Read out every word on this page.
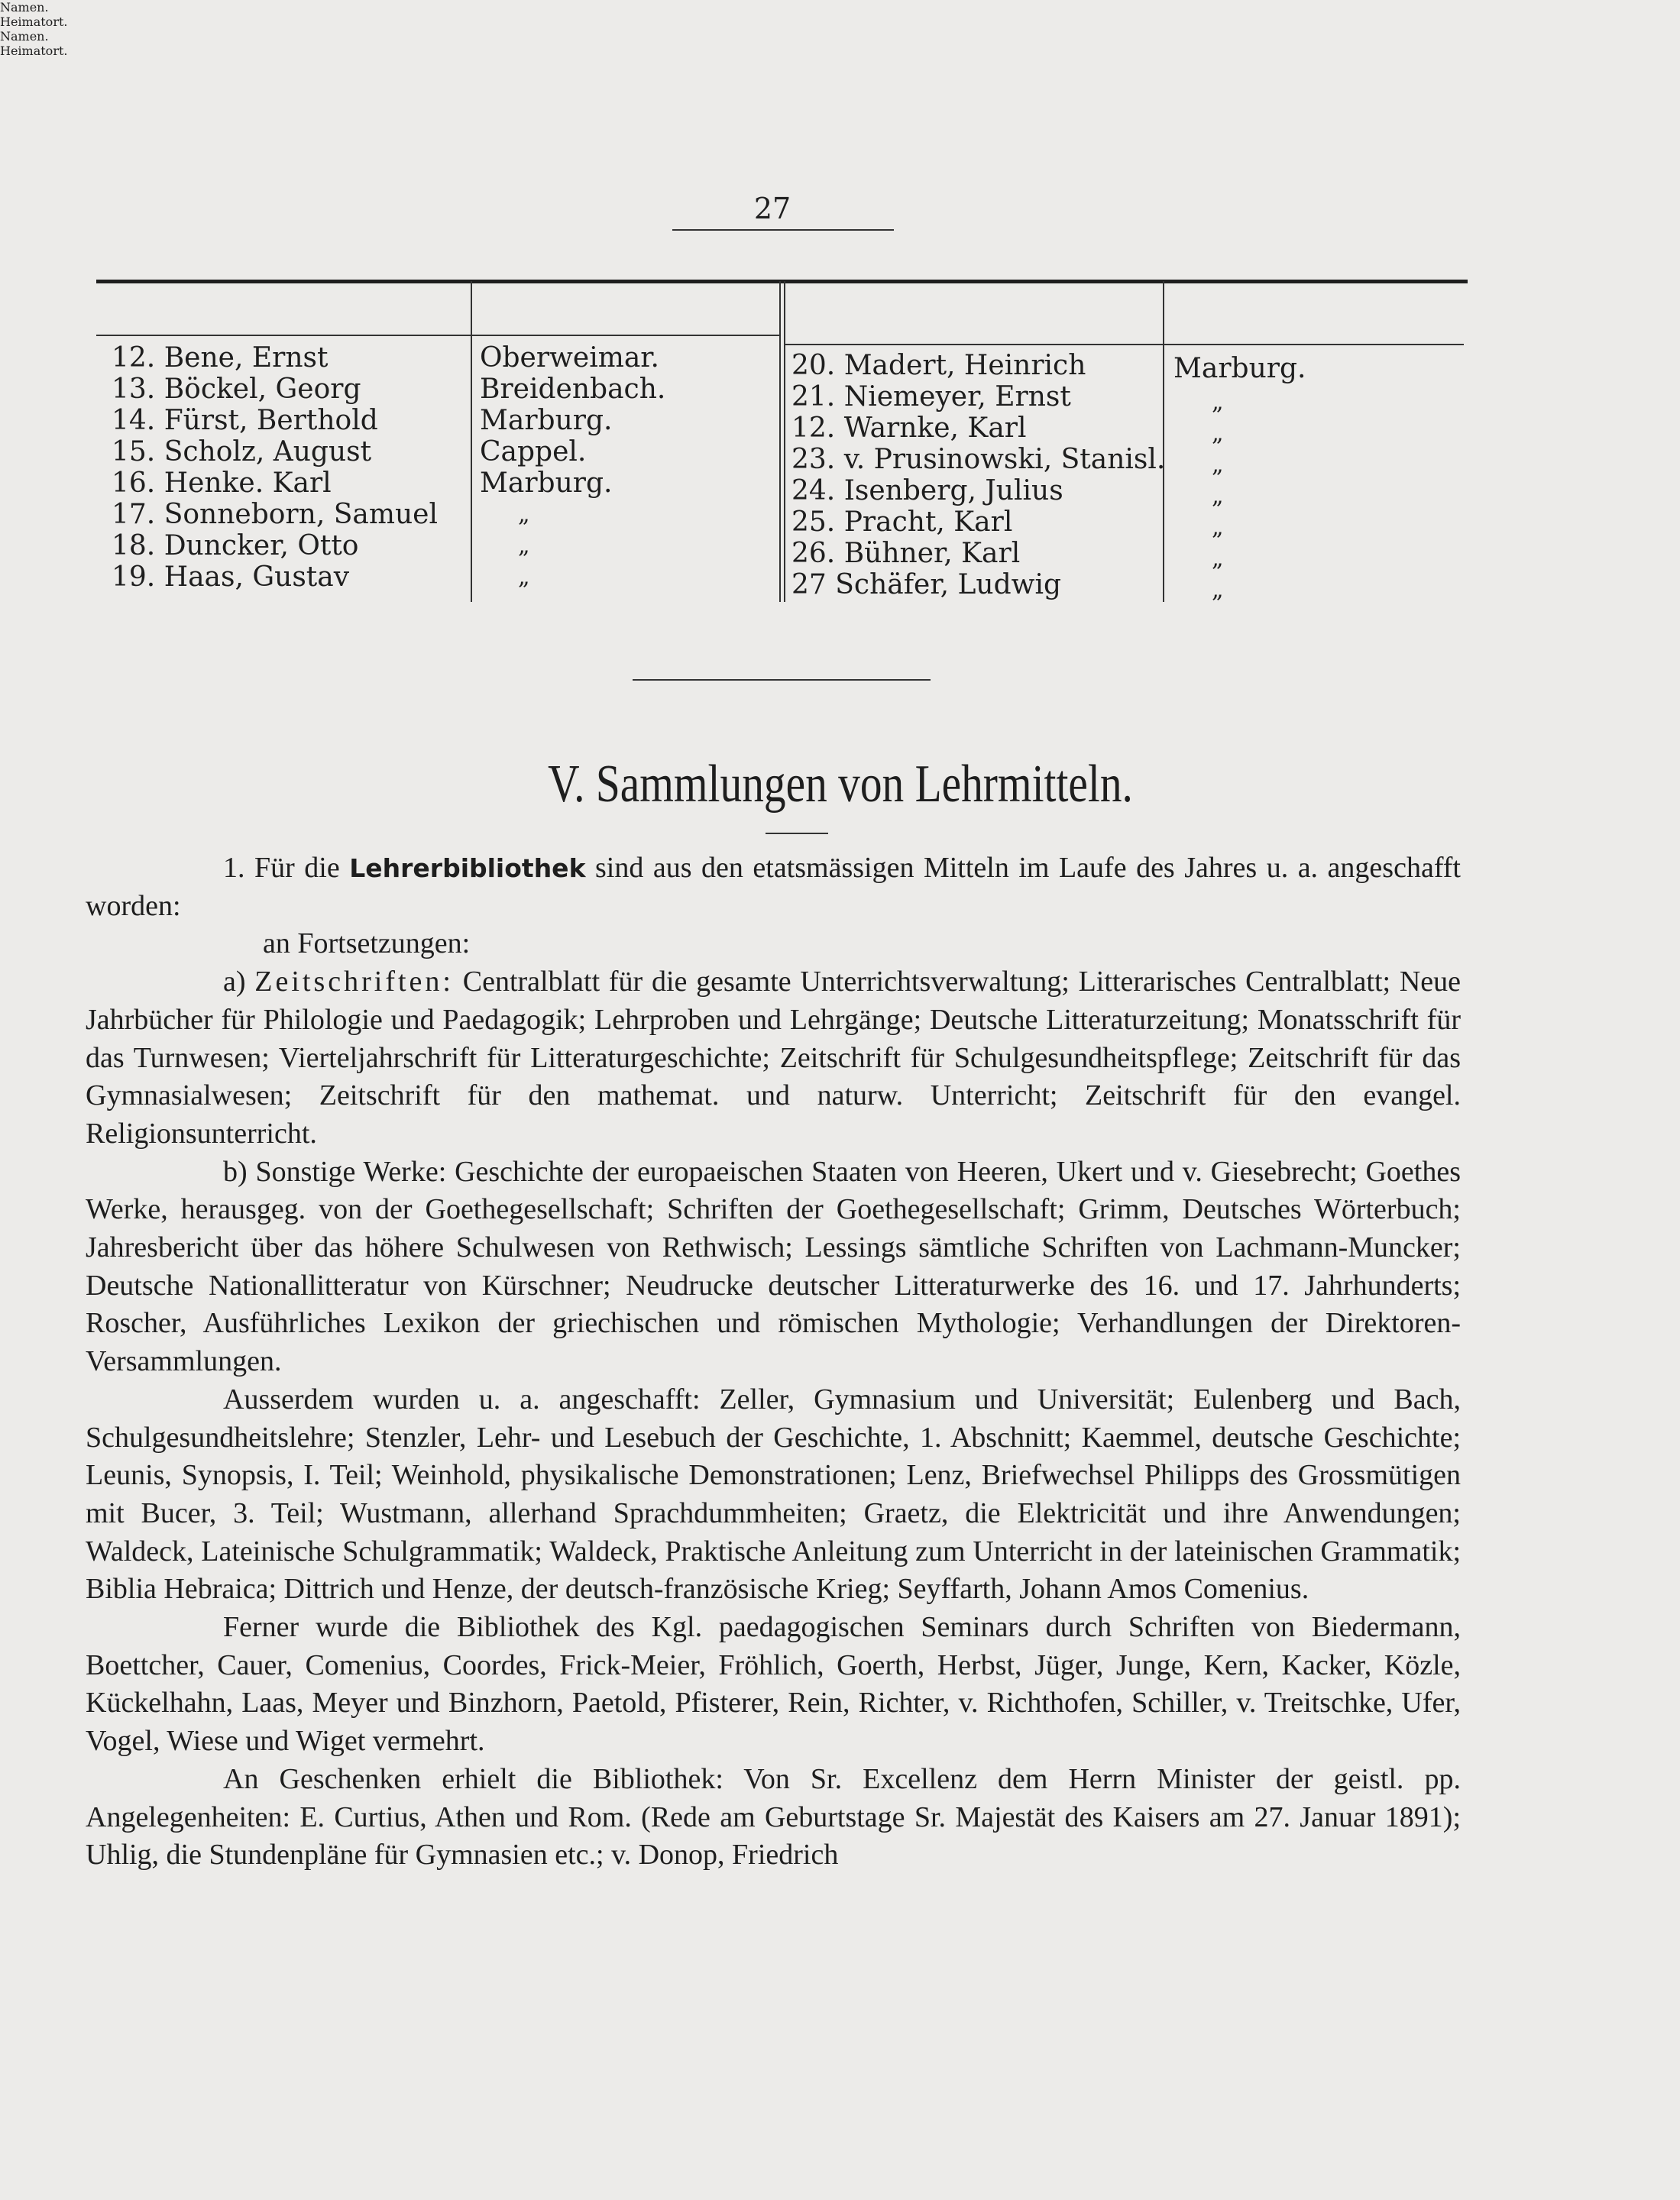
27
Namen.
Heimatort.
Namen.
Heimatort.
12. Bene, Ernst
13. Böckel, Georg
14. Fürst, Berthold
15. Scholz, August
16. Henke. Karl
17. Sonneborn, Samuel
18. Duncker, Otto
19. Haas, Gustav
Oberweimar.
Breidenbach.
Marburg.
Cappel.
Marburg.
„
„
„
20. Madert, Heinrich
21. Niemeyer, Ernst
12. Warnke, Karl
23. v. Prusinowski, Stanisl.
24. Isenberg, Julius
25. Pracht, Karl
26. Bühner, Karl
27 Schäfer, Ludwig
Marburg.
„
„
„
„
„
„
„
V. Sammlungen von Lehrmitteln.

1. Für die Lehrerbibliothek sind aus den etatsmässigen Mitteln im Laufe des Jahres u. a. angeschafft worden:

an Fortsetzungen:

a) Zeitschriften: Centralblatt für die gesamte Unterrichtsverwaltung; Litterarisches Centralblatt; Neue Jahrbücher für Philologie und Paedagogik; Lehrproben und Lehrgänge; Deutsche Litteraturzeitung; Monatsschrift für das Turnwesen; Vierteljahrschrift für Litteraturgeschichte; Zeitschrift für Schulgesundheitspflege; Zeitschrift für das Gymnasialwesen; Zeitschrift für den mathemat. und naturw. Unterricht; Zeitschrift für den evangel. Religionsunterricht.

b) Sonstige Werke: Geschichte der europaeischen Staaten von Heeren, Ukert und v. Giesebrecht; Goethes Werke, herausgeg. von der Goethegesellschaft; Schriften der Goethegesellschaft; Grimm, Deutsches Wörterbuch; Jahresbericht über das höhere Schulwesen von Rethwisch; Lessings sämtliche Schriften von Lachmann-Muncker; Deutsche Nationallitteratur von Kürschner; Neudrucke deutscher Litteraturwerke des 16. und 17. Jahrhunderts; Roscher, Ausführliches Lexikon der griechischen und römischen Mythologie; Verhandlungen der Direktoren-Versammlungen.

Ausserdem wurden u. a. angeschafft: Zeller, Gymnasium und Universität; Eulenberg und Bach, Schulgesundheitslehre; Stenzler, Lehr- und Lesebuch der Geschichte, 1. Abschnitt; Kaemmel, deutsche Geschichte; Leunis, Synopsis, I. Teil; Weinhold, physikalische Demonstrationen; Lenz, Briefwechsel Philipps des Grossmütigen mit Bucer, 3. Teil; Wustmann, allerhand Sprachdummheiten; Graetz, die Elektricität und ihre Anwendungen; Waldeck, Lateinische Schulgrammatik; Waldeck, Praktische Anleitung zum Unterricht in der lateinischen Grammatik; Biblia Hebraica; Dittrich und Henze, der deutsch-französische Krieg; Seyffarth, Johann Amos Comenius.

Ferner wurde die Bibliothek des Kgl. paedagogischen Seminars durch Schriften von Biedermann, Boettcher, Cauer, Comenius, Coordes, Frick-Meier, Fröhlich, Goerth, Herbst, Jüger, Junge, Kern, Kacker, Közle, Kückelhahn, Laas, Meyer und Binzhorn, Paetold, Pfisterer, Rein, Richter, v. Richthofen, Schiller, v. Treitschke, Ufer, Vogel, Wiese und Wiget vermehrt.

An Geschenken erhielt die Bibliothek: Von Sr. Excellenz dem Herrn Minister der geistl. pp. Angelegenheiten: E. Curtius, Athen und Rom. (Rede am Geburtstage Sr. Majestät des Kaisers am 27. Januar 1891); Uhlig, die Stundenpläne für Gymnasien etc.; v. Donop, Friedrich
